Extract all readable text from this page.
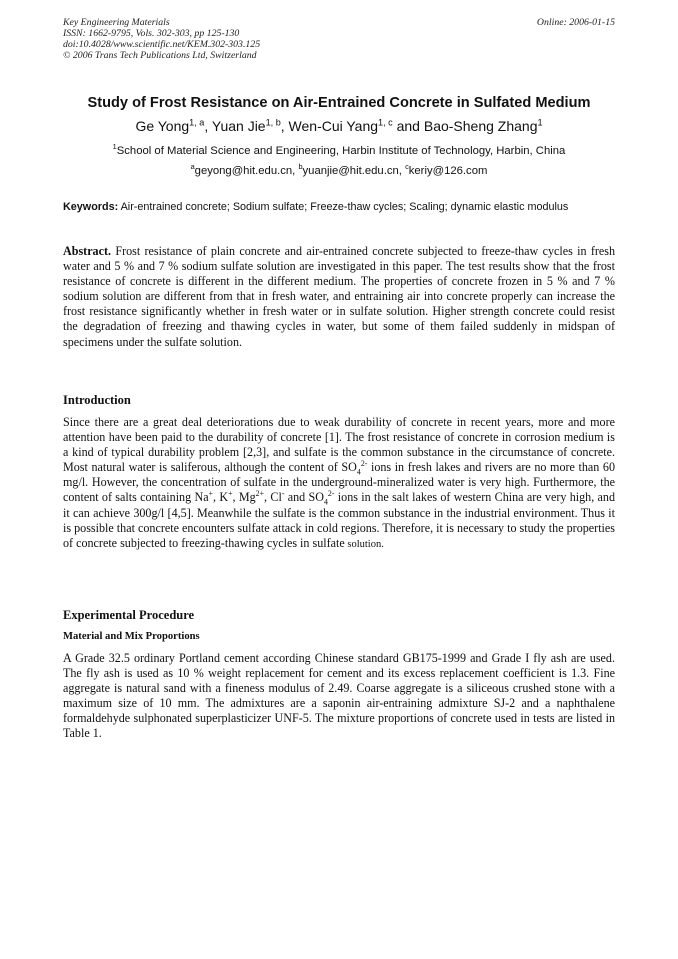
Key Engineering Materials
ISSN: 1662-9795, Vols. 302-303, pp 125-130
doi:10.4028/www.scientific.net/KEM.302-303.125
© 2006 Trans Tech Publications Ltd, Switzerland
Online: 2006-01-15
Study of Frost Resistance on Air-Entrained Concrete in Sulfated Medium
Ge Yong$^{1, a}$, Yuan Jie$^{1, b}$, Wen-Cui Yang$^{1, c}$ and Bao-Sheng Zhang$^1$
$^1$School of Material Science and Engineering, Harbin Institute of Technology, Harbin, China
$^a$geyong@hit.edu.cn, $^b$yuanjie@hit.edu.cn, $^c$keriy@126.com
Keywords: Air-entrained concrete; Sodium sulfate; Freeze-thaw cycles; Scaling; dynamic elastic modulus
Abstract. Frost resistance of plain concrete and air-entrained concrete subjected to freeze-thaw cycles in fresh water and 5 % and 7 % sodium sulfate solution are investigated in this paper. The test results show that the frost resistance of concrete is different in the different medium. The properties of concrete frozen in 5 % and 7 % sodium solution are different from that in fresh water, and entraining air into concrete properly can increase the frost resistance significantly whether in fresh water or in sulfate solution. Higher strength concrete could resist the degradation of freezing and thawing cycles in water, but some of them failed suddenly in midspan of specimens under the sulfate solution.
Introduction
Since there are a great deal deteriorations due to weak durability of concrete in recent years, more and more attention have been paid to the durability of concrete [1]. The frost resistance of concrete in corrosion medium is a kind of typical durability problem [2,3], and sulfate is the common substance in the circumstance of concrete. Most natural water is saliferous, although the content of $SO_4^{2-}$ ions in fresh lakes and rivers are no more than 60 mg/l. However, the concentration of sulfate in the underground-mineralized water is very high. Furthermore, the content of salts containing Na+, K+, $Mg^{2+}$, Cl- and $SO_4^{2-}$ ions in the salt lakes of western China are very high, and it can achieve 300g/l [4,5]. Meanwhile the sulfate is the common substance in the industrial environment. Thus it is possible that concrete encounters sulfate attack in cold regions. Therefore, it is necessary to study the properties of concrete subjected to freezing-thawing cycles in sulfate solution.
Experimental Procedure
Material and Mix Proportions
A Grade 32.5 ordinary Portland cement according Chinese standard GB175-1999 and Grade I fly ash are used. The fly ash is used as 10 % weight replacement for cement and its excess replacement coefficient is 1.3. Fine aggregate is natural sand with a fineness modulus of 2.49. Coarse aggregate is a siliceous crushed stone with a maximum size of 10 mm. The admixtures are a saponin air-entraining admixture SJ-2 and a naphthalene formaldehyde sulphonated superplasticizer UNF-5. The mixture proportions of concrete used in tests are listed in Table 1.
